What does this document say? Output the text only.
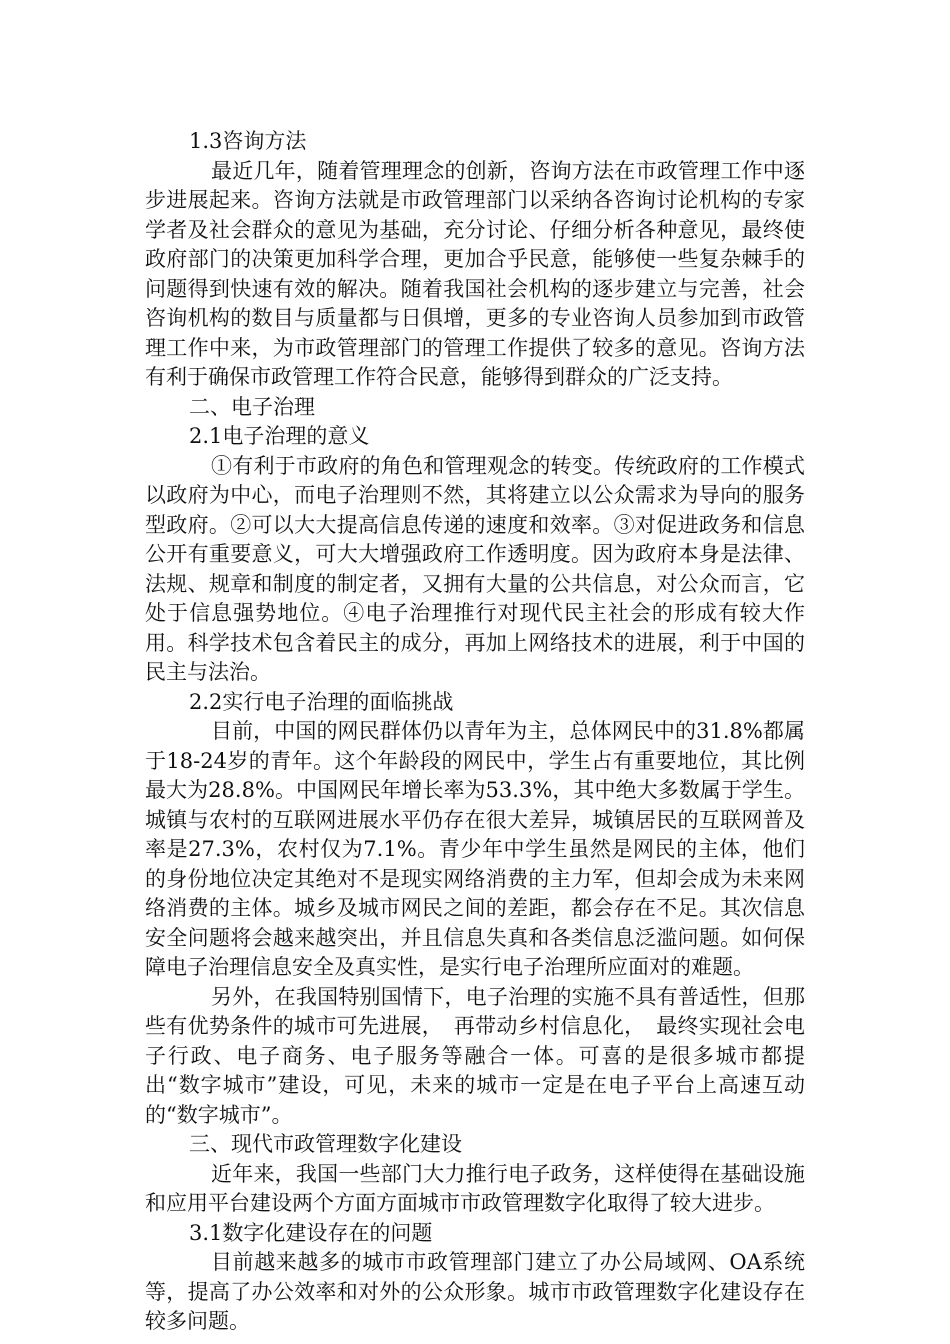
1.3咨询方法

最近几年，随着管理理念的创新，咨询方法在市政管理工作中逐步进展起来。咨询方法就是市政管理部门以采纳各咨询讨论机构的专家学者及社会群众的意见为基础，充分讨论、仔细分析各种意见，最终使政府部门的决策更加科学合理，更加合乎民意，能够使一些复杂棘手的问题得到快速有效的解决。随着我国社会机构的逐步建立与完善，社会咨询机构的数目与质量都与日俱增，更多的专业咨询人员参加到市政管理工作中来，为市政管理部门的管理工作提供了较多的意见。咨询方法有利于确保市政管理工作符合民意，能够得到群众的广泛支持。

二、电子治理

2.1电子治理的意义

①有利于市政府的角色和管理观念的转变。传统政府的工作模式以政府为中心，而电子治理则不然，其将建立以公众需求为导向的服务型政府。②可以大大提高信息传递的速度和效率。③对促进政务和信息公开有重要意义，可大大增强政府工作透明度。因为政府本身是法律、法规、规章和制度的制定者，又拥有大量的公共信息，对公众而言，它处于信息强势地位。④电子治理推行对现代民主社会的形成有较大作用。科学技术包含着民主的成分，再加上网络技术的进展，利于中国的民主与法治。

2.2实行电子治理的面临挑战

目前，中国的网民群体仍以青年为主，总体网民中的31.8%都属于18-24岁的青年。这个年龄段的网民中，学生占有重要地位，其比例最大为28.8%。中国网民年增长率为53.3%，其中绝大多数属于学生。城镇与农村的互联网进展水平仍存在很大差异，城镇居民的互联网普及率是27.3%，农村仅为7.1%。青少年中学生虽然是网民的主体，他们的身份地位决定其绝对不是现实网络消费的主力军，但却会成为未来网络消费的主体。城乡及城市网民之间的差距，都会存在不足。其次信息安全问题将会越来越突出，并且信息失真和各类信息泛滥问题。如何保障电子治理信息安全及真实性，是实行电子治理所应面对的难题。

另外，在我国特别国情下，电子治理的实施不具有普适性，但那些有优势条件的城市可先进展，　再带动乡村信息化，　最终实现社会电子行政、电子商务、电子服务等融合一体。可喜的是很多城市都提出“数字城市”建设，可见，未来的城市一定是在电子平台上高速互动的“数字城市”。

三、现代市政管理数字化建设

近年来，我国一些部门大力推行电子政务，这样使得在基础设施和应用平台建设两个方面方面城市市政管理数字化取得了较大进步。

3.1数字化建设存在的问题

目前越来越多的城市市政管理部门建立了办公局域网、OA系统等，提高了办公效率和对外的公众形象。城市市政管理数字化建设存在较多问题。
